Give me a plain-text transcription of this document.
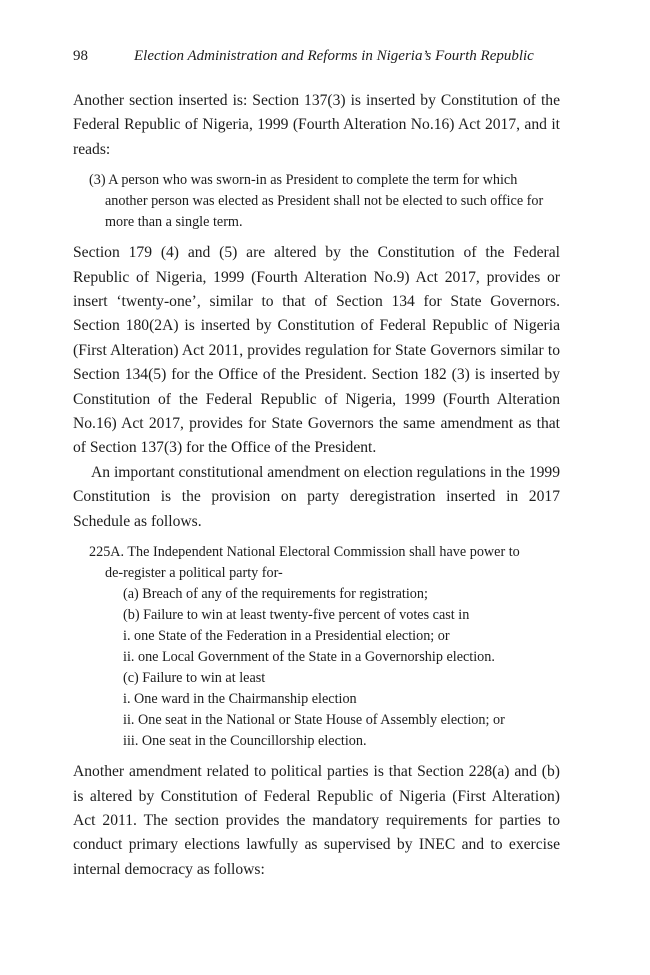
98	Election Administration and Reforms in Nigeria’s Fourth Republic

Another section inserted is: Section 137(3) is inserted by Constitution of the
Federal Republic of Nigeria, 1999 (Fourth Alteration No.16) Act 2017, and it
reads:

(3) A person who was sworn-in as President to complete the term for which
another person was elected as President shall not be elected to such office for
more than a single term.

Section 179 (4) and (5) are altered by the Constitution of the Federal Republic of Nigeria, 1999 (Fourth Alteration No.9) Act 2017, provides or insert ‘twenty-one’, similar to that of Section 134 for State Governors. Section 180(2A) is inserted by Constitution of Federal Republic of Nigeria (First Alteration) Act 2011, provides regulation for State Governors similar to Section 134(5) for the Office of the President. Section 182 (3) is inserted by Constitution of the Federal Republic of Nigeria, 1999 (Fourth Alteration No.16) Act 2017, provides for State Governors the same amendment as that of Section 137(3) for the Office of the President.

An important constitutional amendment on election regulations in the 1999 Constitution is the provision on party deregistration inserted in 2017 Schedule as follows.

225A. The Independent National Electoral Commission shall have power to
de-register a political party for-
(a) Breach of any of the requirements for registration;
(b) Failure to win at least twenty-five percent of votes cast in
i. one State of the Federation in a Presidential election; or
ii. one Local Government of the State in a Governorship election.
(c) Failure to win at least
i. One ward in the Chairmanship election
ii. One seat in the National or State House of Assembly election; or
iii. One seat in the Councillorship election.

Another amendment related to political parties is that Section 228(a) and (b) is altered by Constitution of Federal Republic of Nigeria (First Alteration) Act 2011. The section provides the mandatory requirements for parties to conduct primary elections lawfully as supervised by INEC and to exercise internal democracy as follows:
